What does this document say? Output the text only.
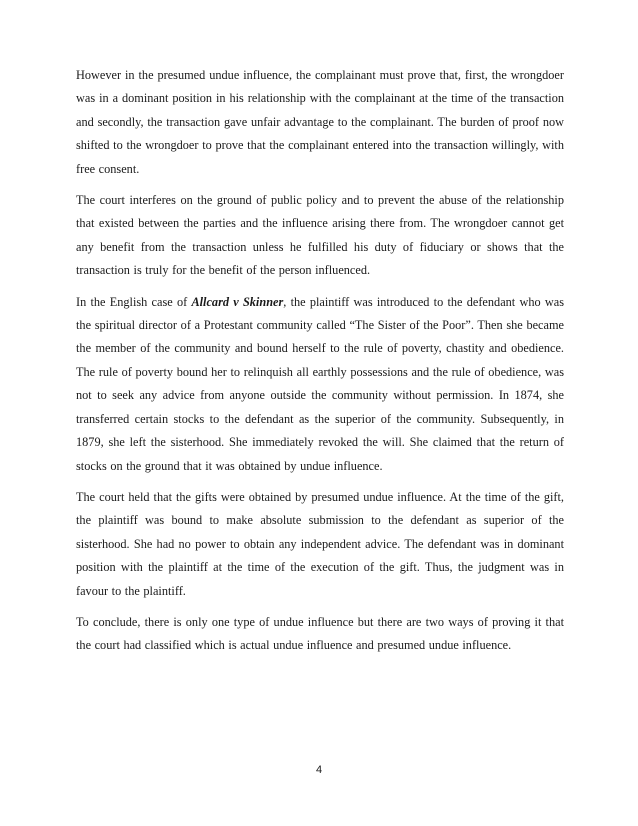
However in the presumed undue influence, the complainant must prove that, first, the wrongdoer was in a dominant position in his relationship with the complainant at the time of the transaction and secondly, the transaction gave unfair advantage to the complainant. The burden of proof now shifted to the wrongdoer to prove that the complainant entered into the transaction willingly, with free consent.

The court interferes on the ground of public policy and to prevent the abuse of the relationship that existed between the parties and the influence arising there from. The wrongdoer cannot get any benefit from the transaction unless he fulfilled his duty of fiduciary or shows that the transaction is truly for the benefit of the person influenced.

In the English case of Allcard v Skinner, the plaintiff was introduced to the defendant who was the spiritual director of a Protestant community called “The Sister of the Poor”. Then she became the member of the community and bound herself to the rule of poverty, chastity and obedience. The rule of poverty bound her to relinquish all earthly possessions and the rule of obedience, was not to seek any advice from anyone outside the community without permission. In 1874, she transferred certain stocks to the defendant as the superior of the community. Subsequently, in 1879, she left the sisterhood. She immediately revoked the will. She claimed that the return of stocks on the ground that it was obtained by undue influence.

The court held that the gifts were obtained by presumed undue influence. At the time of the gift, the plaintiff was bound to make absolute submission to the defendant as superior of the sisterhood. She had no power to obtain any independent advice. The defendant was in dominant position with the plaintiff at the time of the execution of the gift. Thus, the judgment was in favour to the plaintiff.

To conclude, there is only one type of undue influence but there are two ways of proving it that the court had classified which is actual undue influence and presumed undue influence.

4
